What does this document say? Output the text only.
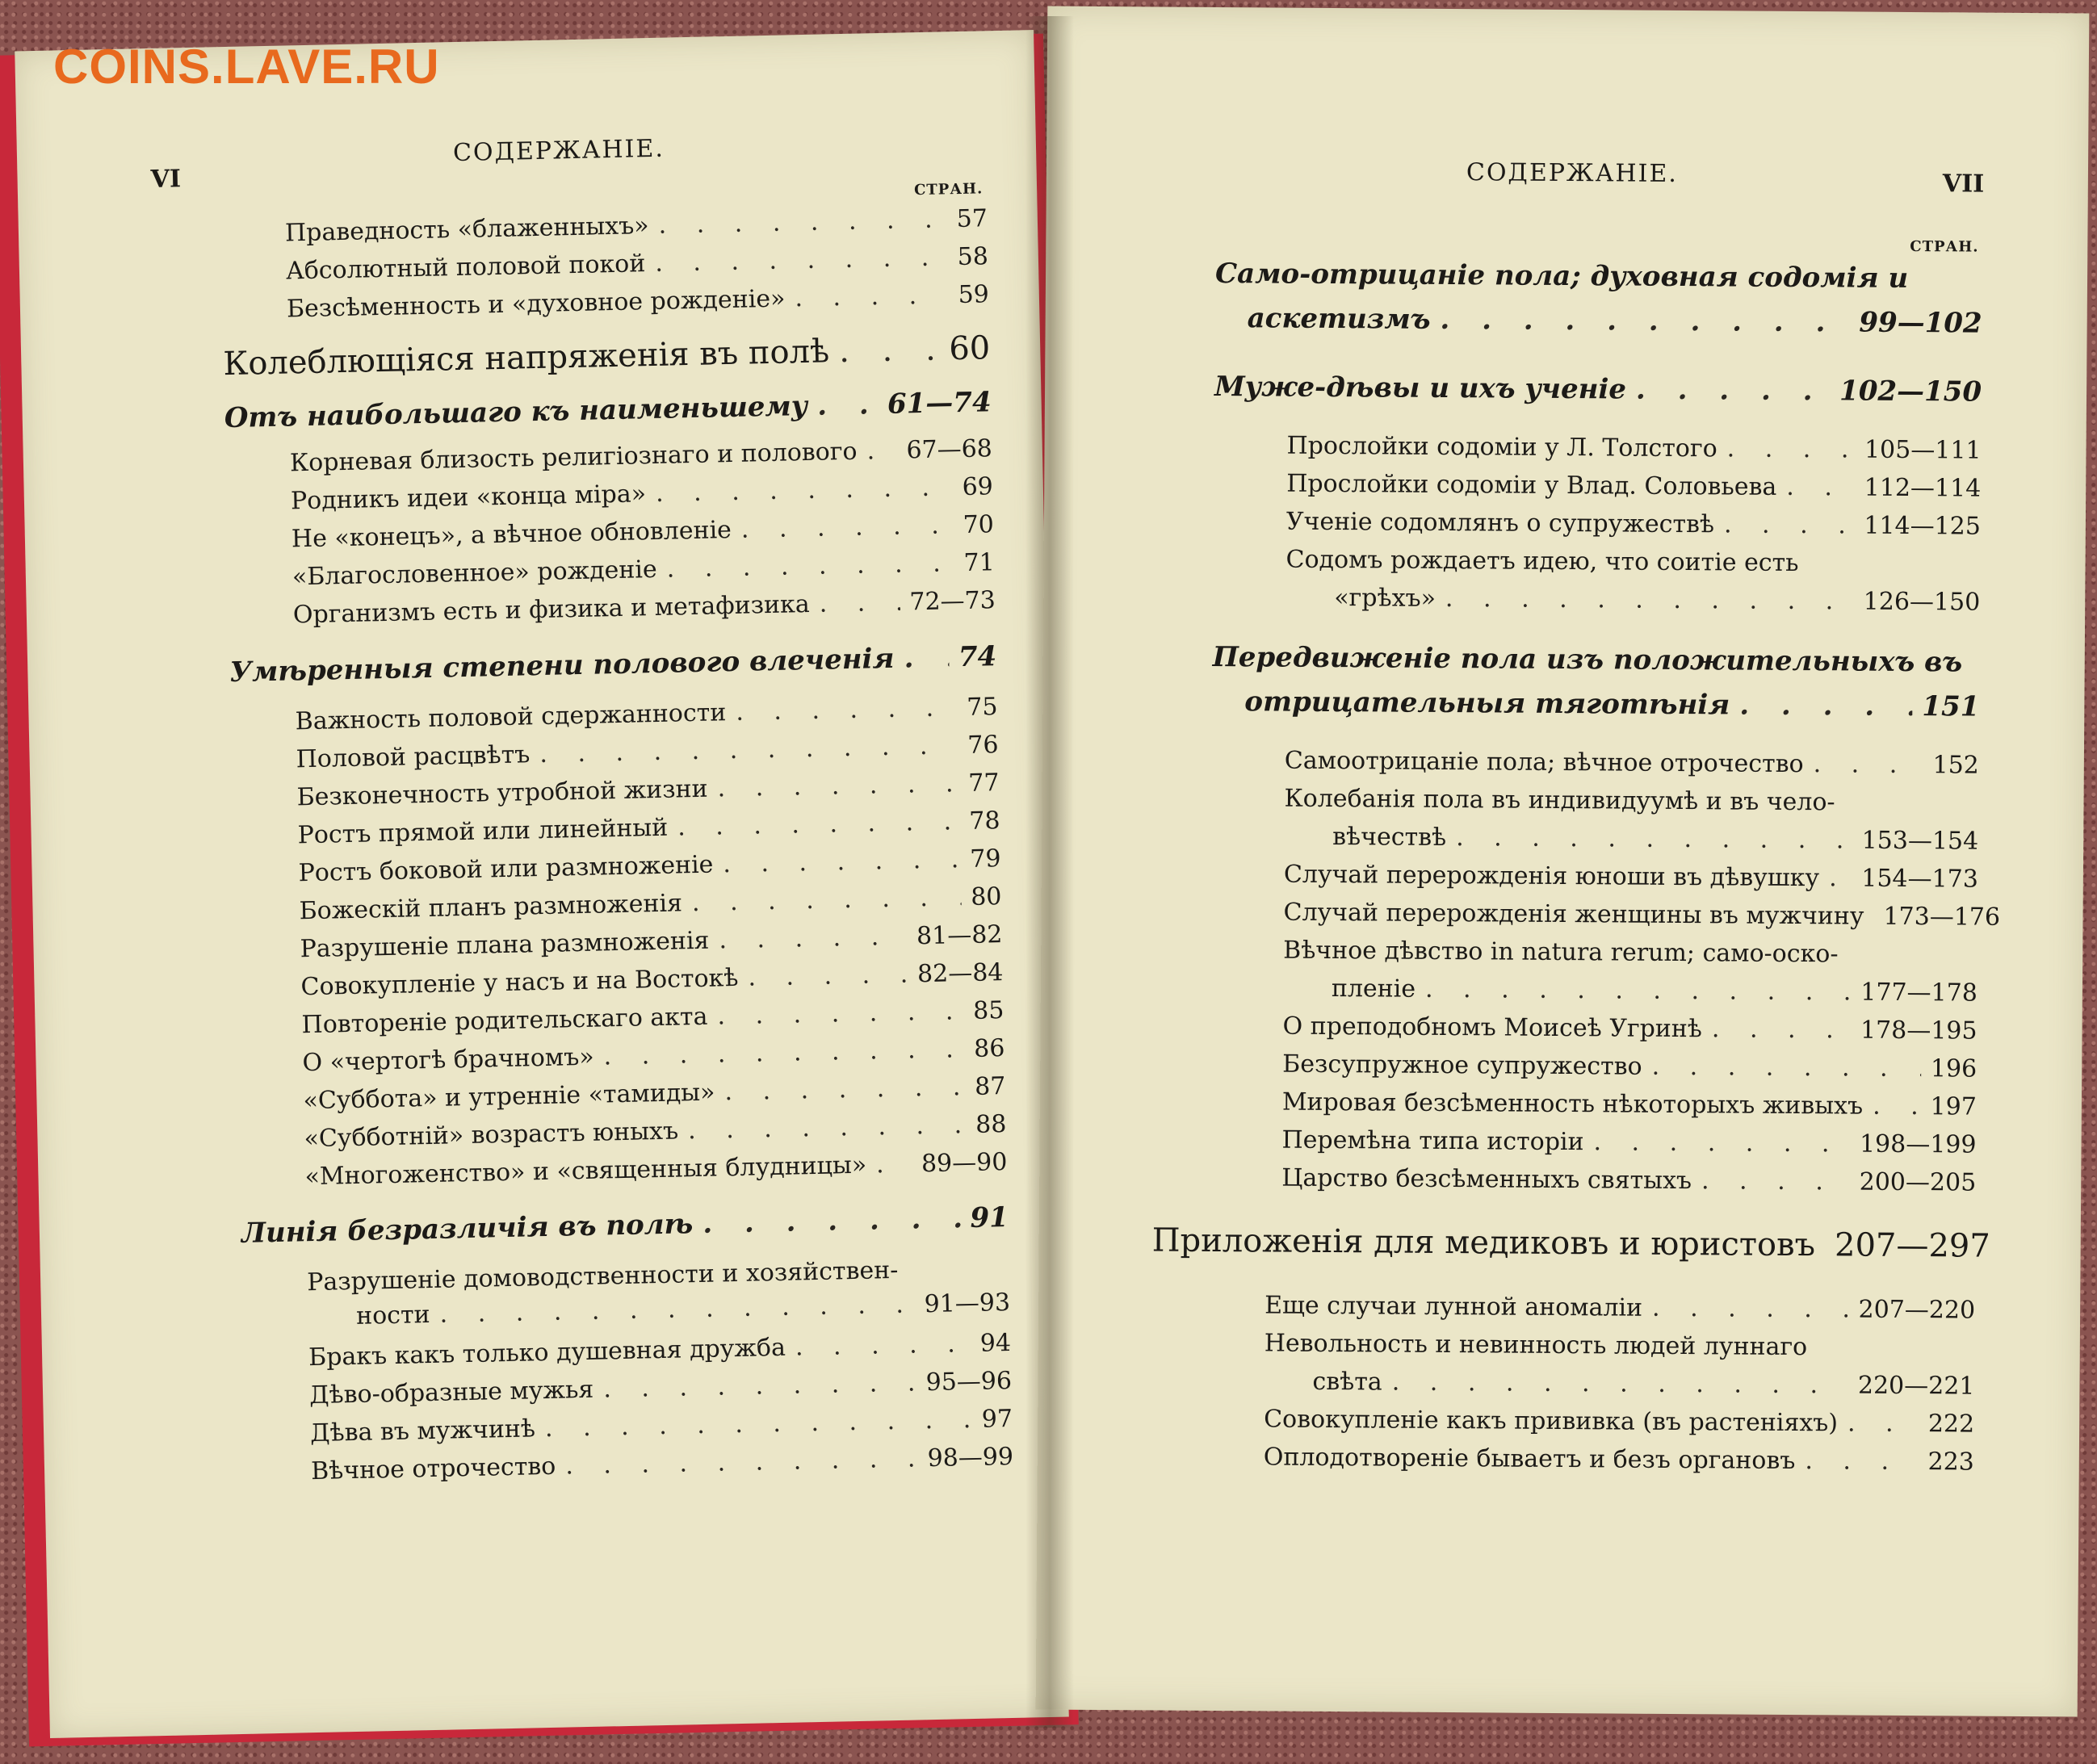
VI
СОДЕРЖАНІЕ.
СТРАН.
Праведность «блаженныхъ» . . .	57
Абсолютный половой покой . . .	58
Безсѣменность и «духовное рожденіе» . . .	59
Колеблющіяся напряженія въ полѣ . . .	60
Отъ наибольшаго къ наименьшему . . .	61—74
Корневая близость религіознаго и полового . . . 67—68
Родникъ идеи «конца міра» . . .	69
Не «конецъ», а вѣчное обновленіе . . .	70
«Благословенное» рожденіе . . .	71
Организмъ есть и физика и метафизика . . .	72—73
Умѣренныя степени полового влеченія . . . 74
Важность половой сдержанности . . .	75
Половой расцвѣтъ . . .	76
Безконечность утробной жизни . . .	77
Ростъ прямой или линейный . . .	78
Ростъ боковой или размноженіе . . .	79
Божескій планъ размноженія . . .	80
Разрушеніе плана размноженія . . .	81—82
Совокупленіе у насъ и на Востокѣ . . .	82—84
Повтореніе родительскаго акта . . .	85
О «чертогѣ брачномъ» . . .	86
«Суббота» и утренніе «тамиды» . . .	87
«Субботній» возрастъ юныхъ . . .	88
«Многоженство» и «священныя блудницы» . . . 89—90
Линія безразличія въ полѣ . . .	91
Разрушеніе домоводственности и хозяйствен-
ности . . .	91—93
Бракъ какъ только душевная дружба . . .	94
Дѣво-образные мужья . . .	95—96
Дѣва въ мужчинѣ . . .	97
Вѣчное отрочество . . .	98—99
СОДЕРЖАНІЕ.	VII
СТРАН.
Само-отрицаніе пола; духовная содомія и
аскетизмъ . . .	99—102
Муже-дѣвы и ихъ ученіе . . .	102—150
Прослойки содоміи у Л. Толстого . . .	105—111
Прослойки содоміи у Влад. Соловьева . . .	112—114
Ученіе содомлянъ о супружествѣ . . .	114—125
Содомъ рождаетъ идею, что соитіе есть
«грѣхъ» . . .	126—150
Передвиженіе пола изъ положительныхъ въ
отрицательныя тяготѣнія . . .	151
Самоотрицаніе пола; вѣчное отрочество . . .	152
Колебанія пола въ индивидуумѣ и въ чело-
вѣчествѣ . . .	153—154
Случай перерожденія юноши въ дѣвушку . . . 154—173
Случай перерожденія женщины въ мужчину . . . 173—176
Вѣчное дѣвство in natura rerum; само-оско-
пленіе . . .	177—178
О преподобномъ Моисеѣ Угринѣ . . .	178—195
Безсупружное супружество . . .	196
Мировая безсѣменность нѣкоторыхъ живыхъ . . .	197
Перемѣна типа исторіи . . .	198—199
Царство безсѣменныхъ святыхъ . . .	200—205
Приложенія для медиковъ и юристовъ . . . 207—297
Еще случаи лунной аномаліи . . .	207—220
Невольность и невинность людей луннаго
свѣта . . .	220—221
Совокупленіе какъ прививка (въ растеніяхъ) . . .	222
Оплодотвореніе бываетъ и безъ органовъ . . .	223
COINS.LAVE.RU
